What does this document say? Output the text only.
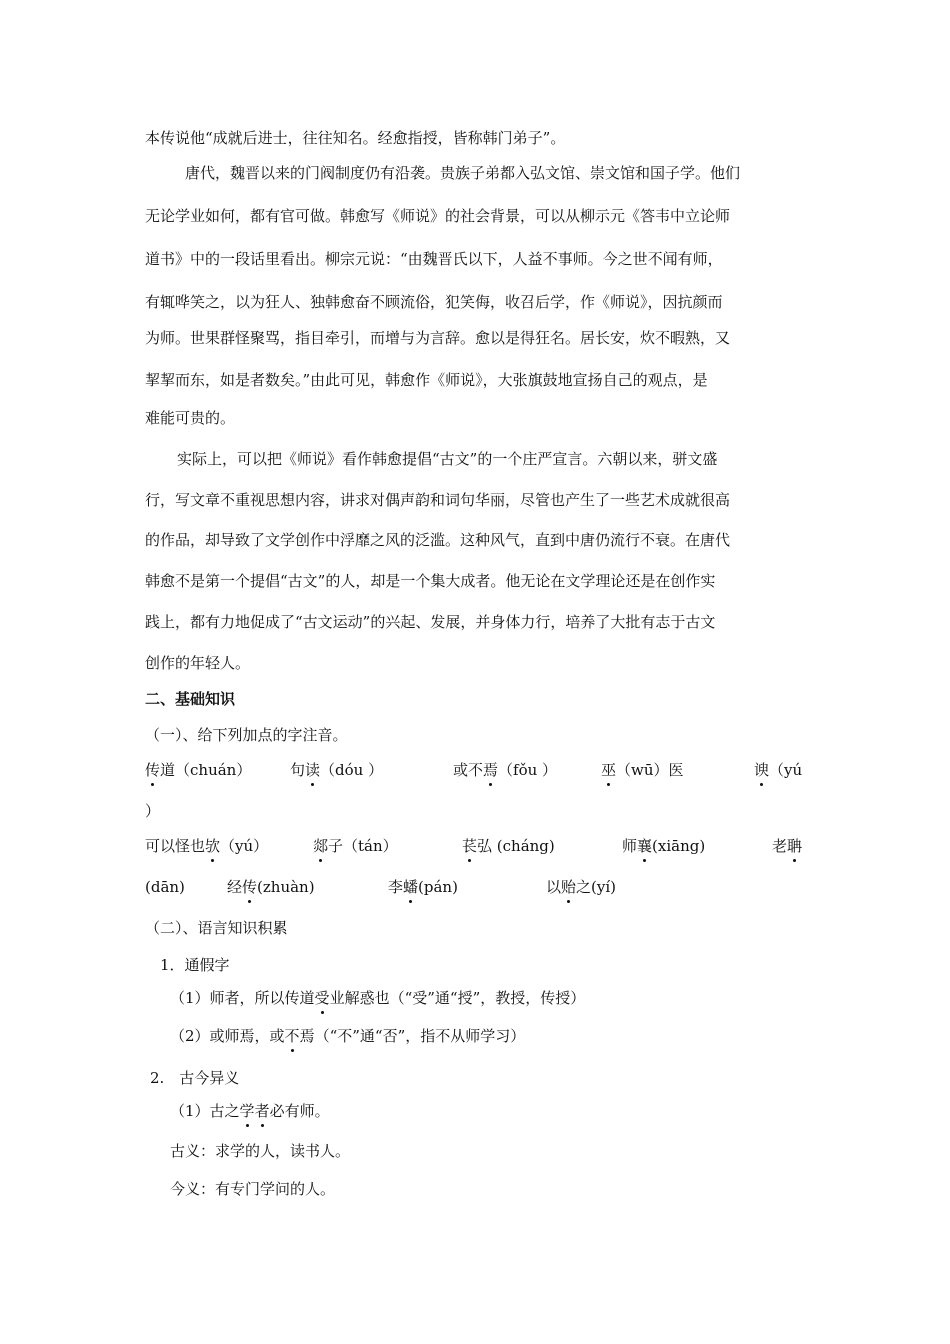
本传说他“成就后进士，往往知名。经愈指授，皆称韩门弟子”。
唐代，魏晋以来的门阀制度仍有沿袭。贵族子弟都入弘文馆、崇文馆和国子学。他们
无论学业如何，都有官可做。韩愈写《师说》的社会背景，可以从柳示元《答韦中立论师
道书》中的一段话里看出。柳宗元说：“由魏晋氏以下，人益不事师。今之世不闻有师，
有辄哗笑之，以为狂人、独韩愈奋不顾流俗，犯笑侮，收召后学，作《师说》，因抗颜而
为师。世果群怪聚骂，指目牵引，而增与为言辞。愈以是得狂名。居长安，炊不暇熟，又
挈挈而东，如是者数矣。”由此可见，韩愈作《师说》，大张旗鼓地宣扬自己的观点，是
难能可贵的。
实际上，可以把《师说》看作韩愈提倡“古文”的一个庄严宣言。六朝以来，骈文盛
行，写文章不重视思想内容，讲求对偶声韵和词句华丽，尽管也产生了一些艺术成就很高
的作品，却导致了文学创作中浮靡之风的泛滥。这种风气，直到中唐仍流行不衰。在唐代
韩愈不是第一个提倡“古文”的人，却是一个集大成者。他无论在文学理论还是在创作实
践上，都有力地促成了“古文运动”的兴起、发展，并身体力行，培养了大批有志于古文
创作的年轻人。
二、基础知识
（一）、给下列加点的字注音。
传道（chuán）	句读（dóu ）	或不焉（fǒu ）	巫（wū）医	谀（yú
）
可以怪也欤（yú）	郯子（tán）	苌弘 (cháng)	师襄(xiāng)	老聃
(dān)	经传(zhuàn)	李蟠(pán)	以贻之(yí)
（二）、语言知识积累
1．通假字
（1）师者，所以传道受业解惑也（“受”通“授”，教授，传授）
（2）或师焉，或不焉（“不”通“否”，指不从师学习）
2.　古今异义
（1）古之学者必有师。
古义：求学的人，读书人。
今义：有专门学问的人。
